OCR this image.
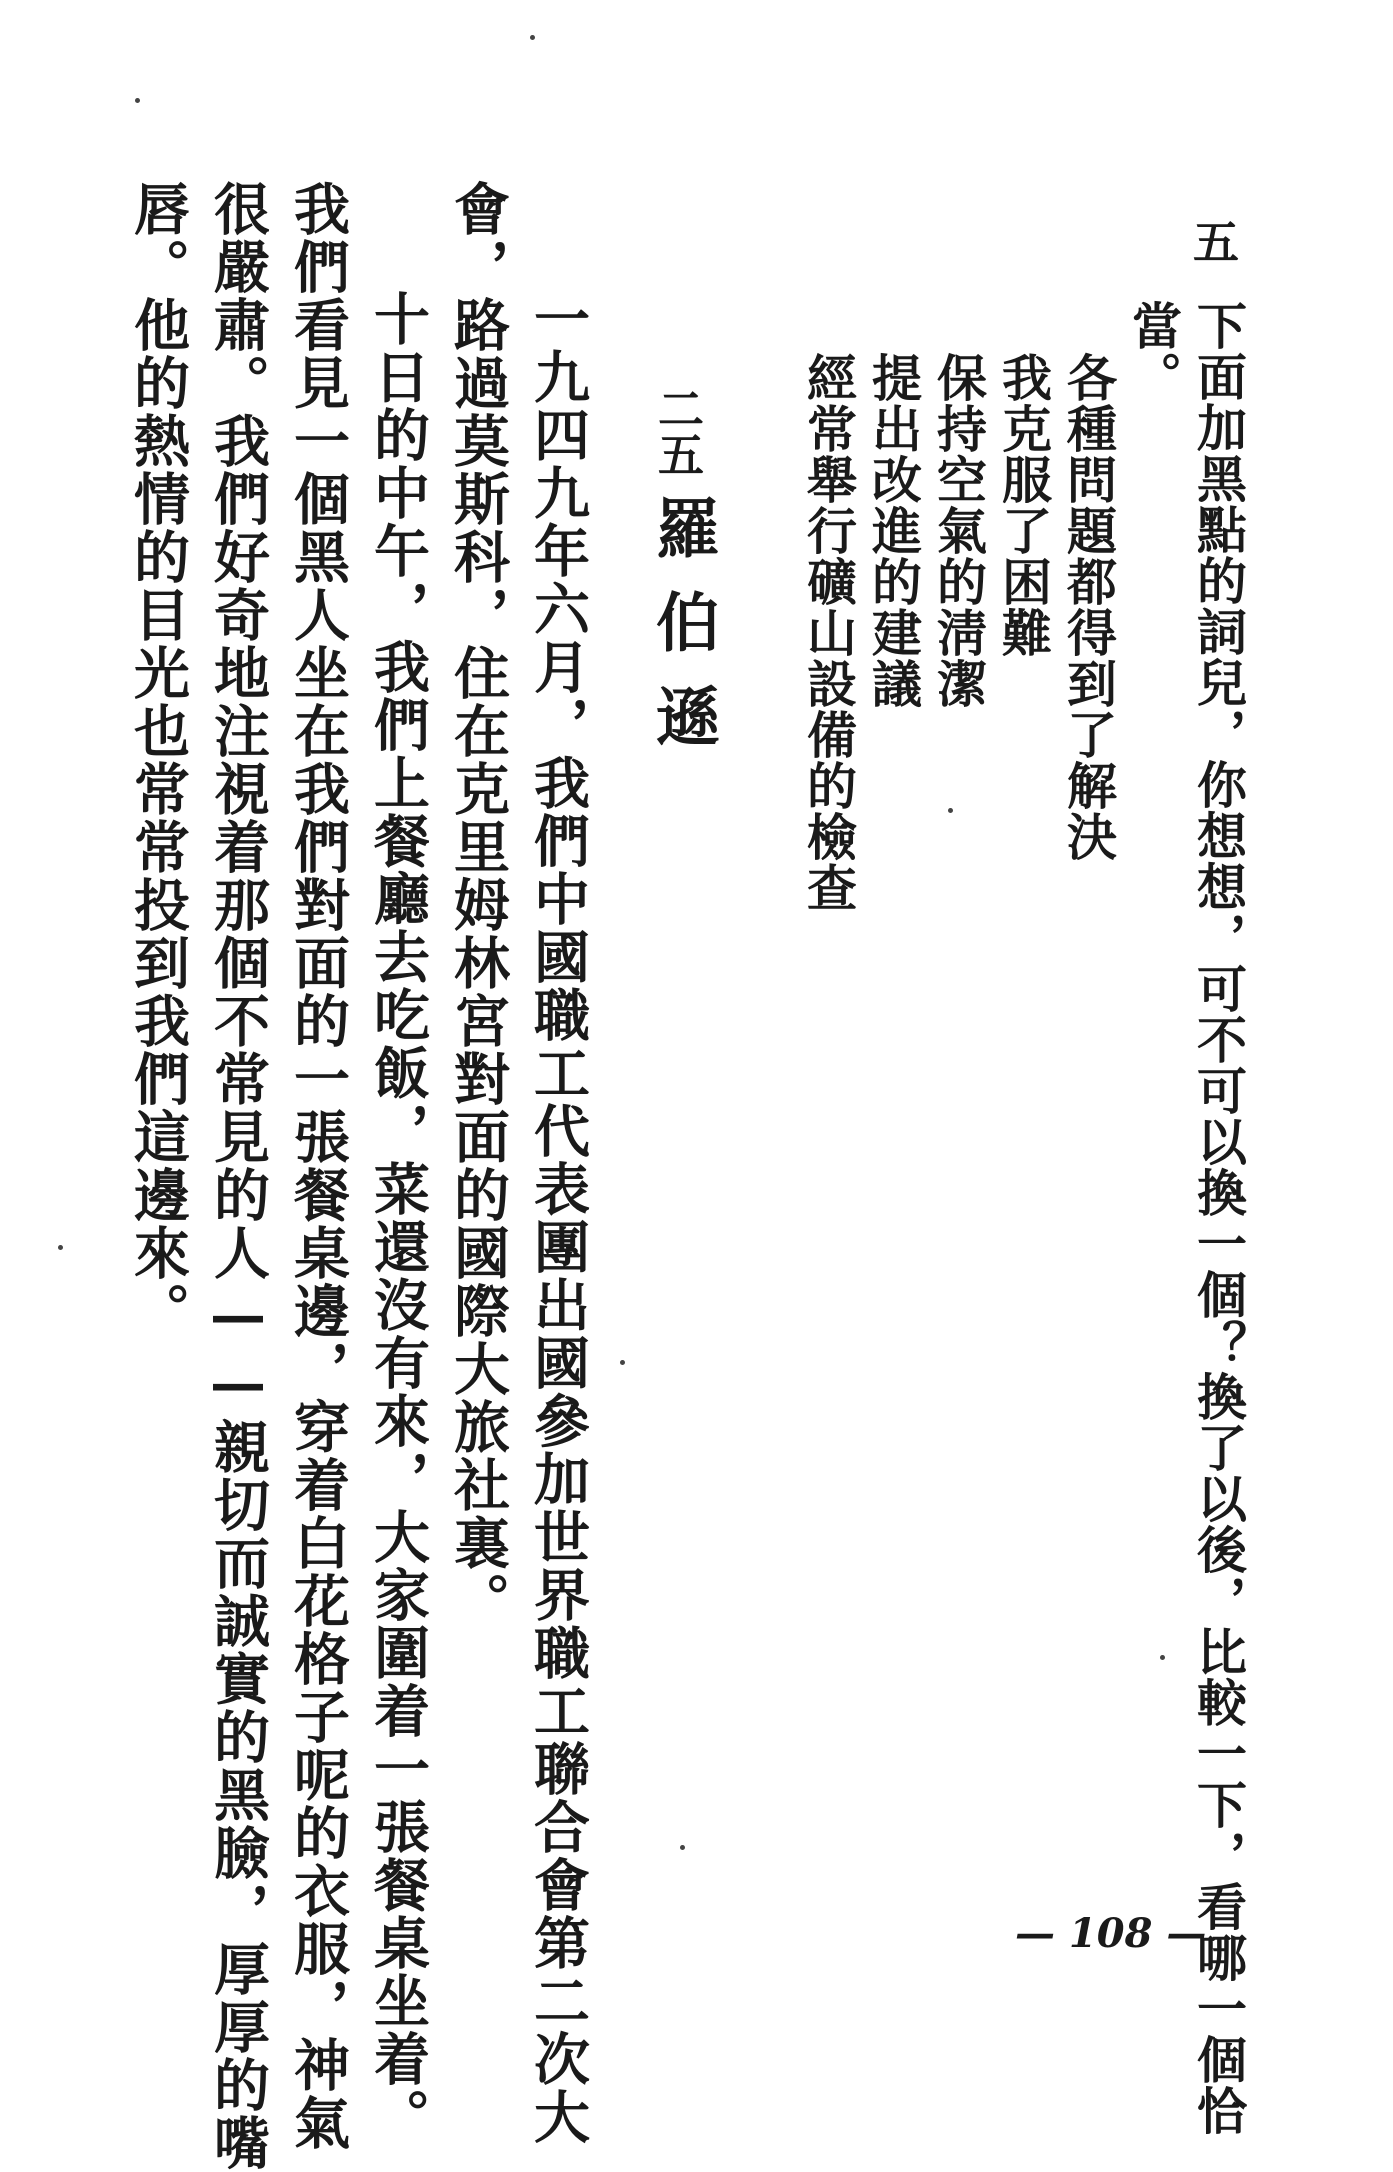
五
下面加黑點的詞兒，你想想，可不可以換一個？換了以後，比較一下，看哪一個恰
當。
各種問題都得到了解決
我克服了困難
保持空氣的淸潔
提出改進的建議
經常舉行礦山設備的檢查
二五
羅伯遜
一九四九年六月，我們中國職工代表團出國參加世界職工聯合會第二次大
會，路過莫斯科，住在克里姆林宮對面的國際大旅社裏。
十日的中午，我們上餐廳去吃飯，菜還沒有來，大家圍着一張餐桌坐着。
我們看見一個黑人坐在我們對面的一張餐桌邊，穿着白花格子呢的衣服，神氣
很嚴肅。我們好奇地注視着那個不常見的人——親切而誠實的黑臉，厚厚的嘴
唇。他的熱情的目光也常常投到我們這邊來。
— 108 —
